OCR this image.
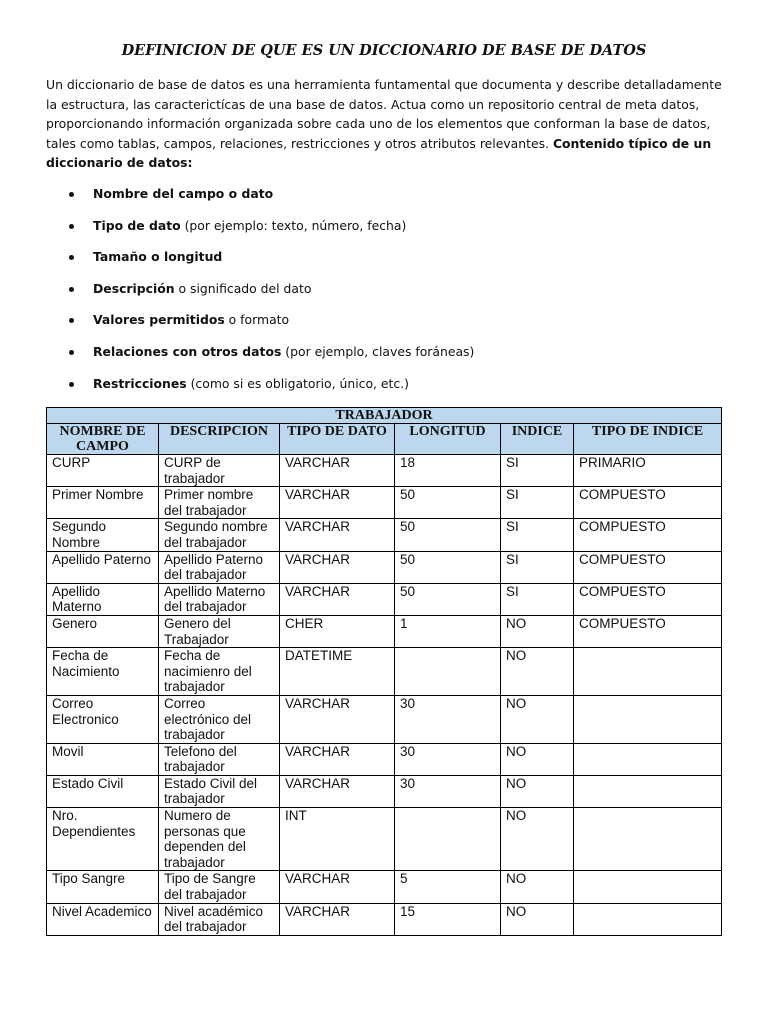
DEFINICION DE QUE ES UN DICCIONARIO DE BASE DE DATOS
Un diccionario de base de datos es una herramienta funtamental que documenta y describe detalladamente la estructura, las caracterictícas de una base de datos. Actua como un repositorio central de meta datos, proporcionando información organizada sobre cada uno de los elementos que conforman la base de datos, tales como tablas, campos, relaciones, restricciones y otros atributos relevantes. Contenido típico de un diccionario de datos:
Nombre del campo o dato
Tipo de dato (por ejemplo: texto, número, fecha)
Tamaño o longitud
Descripción o significado del dato
Valores permitidos o formato
Relaciones con otros datos (por ejemplo, claves foráneas)
Restricciones (como si es obligatorio, único, etc.)
TRABAJADOR					
NOMBRE DE CAMPO	DESCRIPCION	TIPO DE DATO	LONGITUD	INDICE	TIPO DE INDICE
CURP	CURP de trabajador	VARCHAR	18	SI	PRIMARIO
Primer Nombre	Primer nombre del trabajador	VARCHAR	50	SI	COMPUESTO
Segundo Nombre	Segundo nombre del trabajador	VARCHAR	50	SI	COMPUESTO
Apellido Paterno	Apellido Paterno del trabajador	VARCHAR	50	SI	COMPUESTO
Apellido Materno	Apellido Materno del trabajador	VARCHAR	50	SI	COMPUESTO
Genero	Genero del Trabajador	CHER	1	NO	COMPUESTO
Fecha de Nacimiento	Fecha de nacimienro del trabajador	DATETIME		NO	
Correo Electronico	Correo electrónico del trabajador	VARCHAR	30	NO	
Movil	Telefono del trabajador	VARCHAR	30	NO	
Estado Civil	Estado Civil del trabajador	VARCHAR	30	NO	
Nro. Dependientes	Numero de personas que dependen del trabajador	INT		NO	
Tipo Sangre	Tipo de Sangre del trabajador	VARCHAR	5	NO	
Nivel Academico	Nivel académico del trabajador	VARCHAR	15	NO	
